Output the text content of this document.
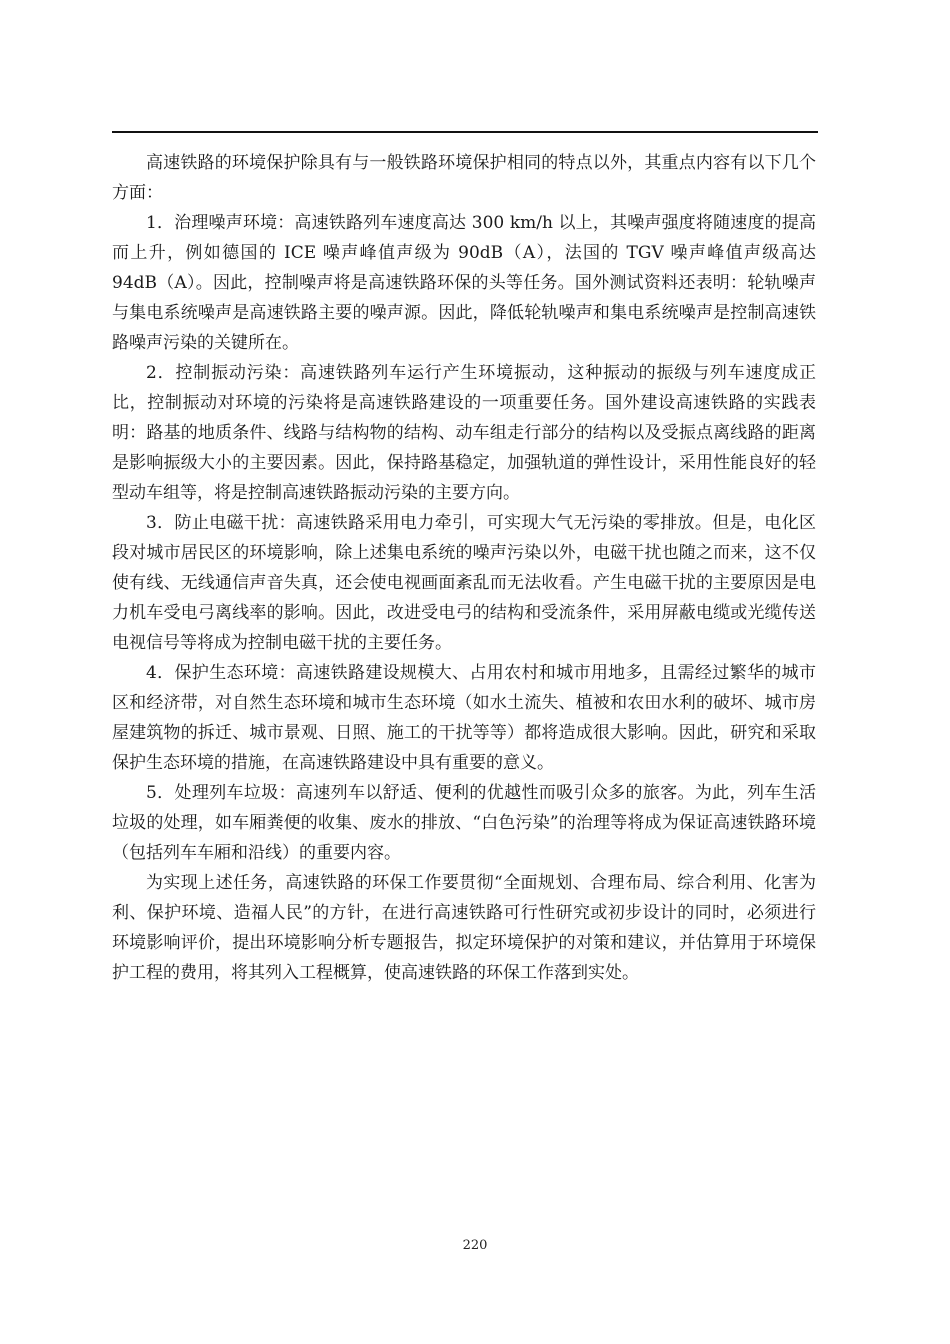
高速铁路的环境保护除具有与一般铁路环境保护相同的特点以外，其重点内容有以下几个方面：

1．治理噪声环境：高速铁路列车速度高达 300 km/h 以上，其噪声强度将随速度的提高而上升，例如德国的 ICE 噪声峰值声级为 90dB（A），法国的 TGV 噪声峰值声级高达 94dB（A）。因此，控制噪声将是高速铁路环保的头等任务。国外测试资料还表明：轮轨噪声与集电系统噪声是高速铁路主要的噪声源。因此，降低轮轨噪声和集电系统噪声是控制高速铁路噪声污染的关键所在。

2．控制振动污染：高速铁路列车运行产生环境振动，这种振动的振级与列车速度成正比，控制振动对环境的污染将是高速铁路建设的一项重要任务。国外建设高速铁路的实践表明：路基的地质条件、线路与结构物的结构、动车组走行部分的结构以及受振点离线路的距离是影响振级大小的主要因素。因此，保持路基稳定，加强轨道的弹性设计，采用性能良好的轻型动车组等，将是控制高速铁路振动污染的主要方向。

3．防止电磁干扰：高速铁路采用电力牵引，可实现大气无污染的零排放。但是，电化区段对城市居民区的环境影响，除上述集电系统的噪声污染以外，电磁干扰也随之而来，这不仅使有线、无线通信声音失真，还会使电视画面紊乱而无法收看。产生电磁干扰的主要原因是电力机车受电弓离线率的影响。因此，改进受电弓的结构和受流条件，采用屏蔽电缆或光缆传送电视信号等将成为控制电磁干扰的主要任务。

4．保护生态环境：高速铁路建设规模大、占用农村和城市用地多，且需经过繁华的城市区和经济带，对自然生态环境和城市生态环境（如水土流失、植被和农田水利的破坏、城市房屋建筑物的拆迁、城市景观、日照、施工的干扰等等）都将造成很大影响。因此，研究和采取保护生态环境的措施，在高速铁路建设中具有重要的意义。

5．处理列车垃圾：高速列车以舒适、便利的优越性而吸引众多的旅客。为此，列车生活垃圾的处理，如车厢粪便的收集、废水的排放、“白色污染”的治理等将成为保证高速铁路环境（包括列车车厢和沿线）的重要内容。

为实现上述任务，高速铁路的环保工作要贯彻“全面规划、合理布局、综合利用、化害为利、保护环境、造福人民”的方针，在进行高速铁路可行性研究或初步设计的同时，必须进行环境影响评价，提出环境影响分析专题报告，拟定环境保护的对策和建议，并估算用于环境保护工程的费用，将其列入工程概算，使高速铁路的环保工作落到实处。

220
